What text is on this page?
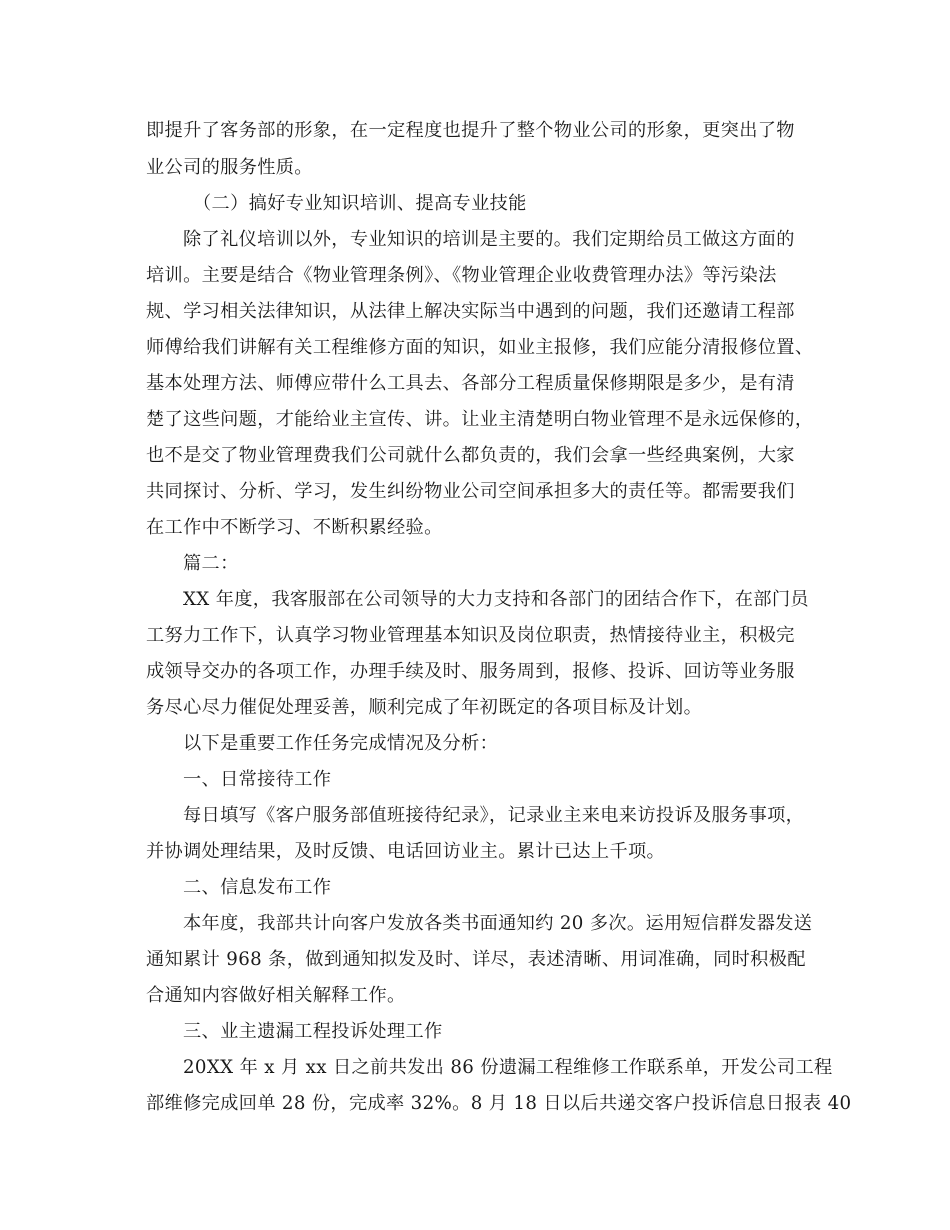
即提升了客务部的形象，在一定程度也提升了整个物业公司的形象，更突出了物
业公司的服务性质。
（二）搞好专业知识培训、提高专业技能
除了礼仪培训以外，专业知识的培训是主要的。我们定期给员工做这方面的
培训。主要是结合《物业管理条例》、《物业管理企业收费管理办法》等污染法
规、学习相关法律知识，从法律上解决实际当中遇到的问题，我们还邀请工程部
师傅给我们讲解有关工程维修方面的知识，如业主报修，我们应能分清报修位置、
基本处理方法、师傅应带什么工具去、各部分工程质量保修期限是多少，是有清
楚了这些问题，才能给业主宣传、讲。让业主清楚明白物业管理不是永远保修的，
也不是交了物业管理费我们公司就什么都负责的，我们会拿一些经典案例，大家
共同探讨、分析、学习，发生纠纷物业公司空间承担多大的责任等。都需要我们
在工作中不断学习、不断积累经验。
篇二：
XX 年度，我客服部在公司领导的大力支持和各部门的团结合作下，在部门员
工努力工作下，认真学习物业管理基本知识及岗位职责，热情接待业主，积极完
成领导交办的各项工作，办理手续及时、服务周到，报修、投诉、回访等业务服
务尽心尽力催促处理妥善，顺利完成了年初既定的各项目标及计划。
以下是重要工作任务完成情况及分析：
一、日常接待工作
每日填写《客户服务部值班接待纪录》，记录业主来电来访投诉及服务事项，
并协调处理结果，及时反馈、电话回访业主。累计已达上千项。
二、信息发布工作
本年度，我部共计向客户发放各类书面通知约 20 多次。运用短信群发器发送
通知累计 968 条，做到通知拟发及时、详尽，表述清晰、用词准确，同时积极配
合通知内容做好相关解释工作。
三、业主遗漏工程投诉处理工作
20XX 年 x 月 xx 日之前共发出 86 份遗漏工程维修工作联系单，开发公司工程
部维修完成回单 28 份，完成率 32%。8 月 18 日以后共递交客户投诉信息日报表 40
